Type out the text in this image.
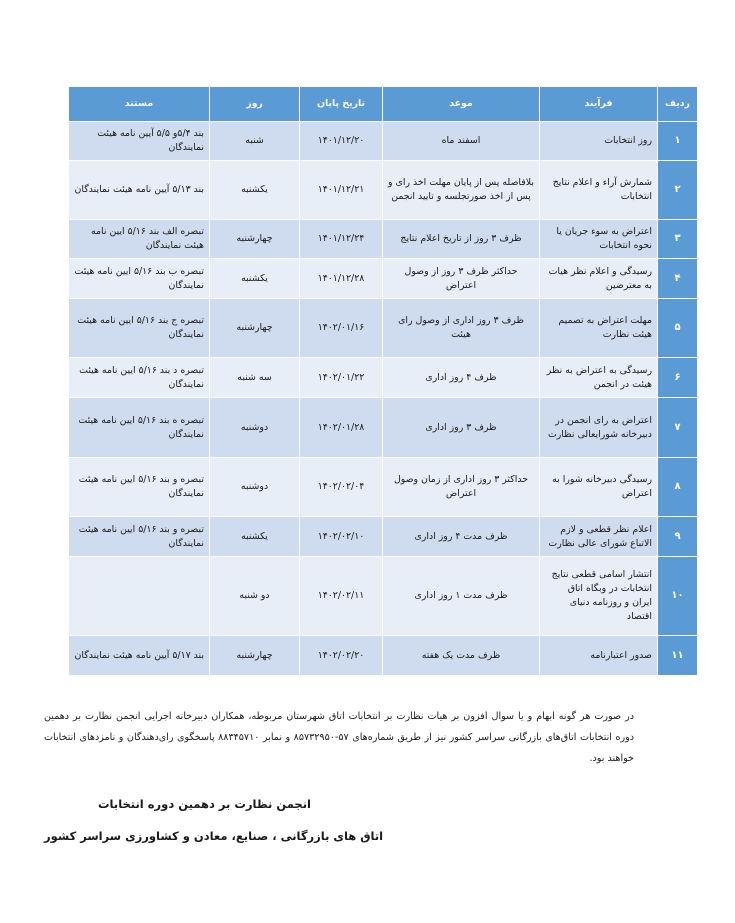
ردیف	فرآیند	موعد	تاریخ پایان	روز	مستند
۱	روز انتخابات	اسفند ماه	۱۴۰۱/۱۲/۲۰	شنبه	بند ۵/۴و ۵/۵ آیین نامه هیئت نمایندگان
۲	شمارش آراء و اعلام نتایج انتخابات	بلافاصله پس از پایان مهلت اخذ رای و پس از اخذ صورتجلسه و تایید انجمن	۱۴۰۱/۱۲/۲۱	یکشنبه	بند ۵/۱۳ آیین نامه هیئت نمایندگان
۳	اعتراض به سوء جریان یا نحوه انتخابات	ظرف ۳ روز از تاریخ اعلام نتایج	۱۴۰۱/۱۲/۲۴	چهارشنبه	تبصره الف بند ۵/۱۶ ایین نامه هیئت نمایندگان
۴	رسیدگی و اعلام نظر هیات به معترضین	حداکثر ظرف ۳ روز از وصول اعتراض	۱۴۰۱/۱۲/۲۸	یکشنبه	تبصره ب بند ۵/۱۶ ایین نامه هیئت نمایندگان
۵	مهلت اعتراض به تصمیم هیئت نظارت	ظرف ۳ روز اداری از وصول رای هیئت	۱۴۰۲/۰۱/۱۶	چهارشنبه	تبصره ج بند ۵/۱۶ ایین نامه هیئت نمایندگان
۶	رسیدگی به اعتراض به نظر هیئت در انجمن	ظرف ۴ روز اداری	۱۴۰۲/۰۱/۲۲	سه شنبه	تبصره د بند ۵/۱۶ ایین نامه هیئت نمایندگان
۷	اعتراض به رای انجمن در دبیرخانه شورایعالی نظارت	ظرف ۳ روز اداری	۱۴۰۲/۰۱/۲۸	دوشنبه	تبصره ه بند ۵/۱۶ ایین نامه هیئت نمایندگان
۸	رسیدگی دبیرخانه شورا به اعتراض	حداکثر ۳ روز اداری از زمان وصول اعتراض	۱۴۰۲/۰۲/۰۴	دوشنبه	تبصره و بند ۵/۱۶ ایین نامه هیئت نمایندگان
۹	اعلام نظر قطعی و لازم الاتباع شورای عالی نظارت	ظرف مدت ۴ روز اداری	۱۴۰۲/۰۲/۱۰	یکشنبه	تبصره و بند ۵/۱۶ ایین نامه هیئت نمایندگان
۱۰	انتشار اسامی قطعی نتایج انتخابات در وبگاه اتاق ایران و روزنامه دنیای اقتصاد	ظرف مدت ۱ روز اداری	۱۴۰۲/۰۲/۱۱	دو شنبه	
۱۱	صدور اعتبارنامه	ظرف مدت یک هفته	۱۴۰۲/۰۲/۲۰	چهارشنبه	بند ۵/۱۷ آیین نامه هیئت نمایندگان

در صورت هر گونه ابهام و یا سوال افزون بر هیات نظارت بر انتخابات اتاق شهرستان مربوطه، همکاران دبیرخانه اجرایی انجمن نظارت بر دهمین دوره انتخابات اتاق‌های بازرگانی سراسر کشور نیز از طریق شماره‌های ۵۷-۸۵۷۳۲۹۵۰ و نمابر ۸۸۳۴۵۷۱۰ پاسخگوی رای‌دهندگان و نامزدهای انتخابات خواهند بود.

انجمن نظارت بر دهمین دوره انتخابات

اتاق های بازرگانی ، صنایع، معادن و کشاورزی سراسر کشور
